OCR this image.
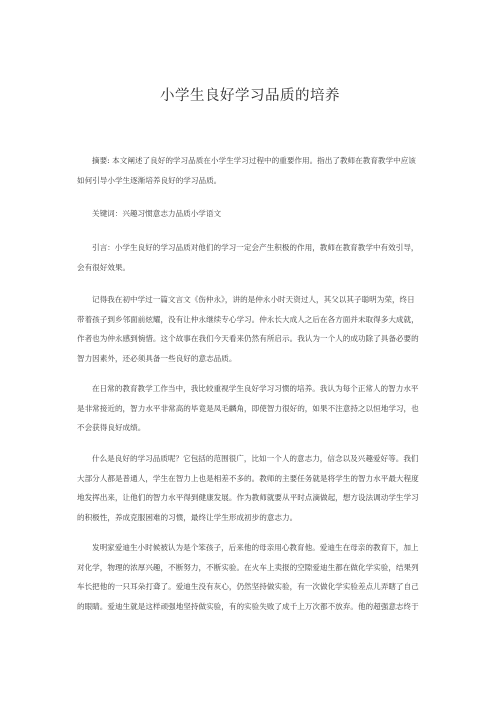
小学生良好学习品质的培养
摘要: 本文阐述了良好的学习品质在小学生学习过程中的重要作用。指出了教师在教育教学中应该
如何引导小学生逐渐培养良好的学习品质。
关键词：兴趣习惯意志力品质小学语文
引言：小学生良好的学习品质对他们的学习一定会产生积极的作用，教师在教育教学中有效引导，
会有很好效果。
记得我在初中学过一篇文言文《伤仲永》，讲的是仲永小时天资过人，其父以其子聪明为荣，终日
带着孩子到乡邻面前炫耀，没有让仲永继续专心学习。仲永长大成人之后在各方面并未取得多大成就，
作者也为仲永感到惋惜。这个故事在我们今天看来仍然有所启示。我认为一个人的成功除了具备必要的
智力因素外，还必须具备一些良好的意志品质。
在日常的教育教学工作当中，我比较重视学生良好学习习惯的培养。我认为每个正常人的智力水平
是非常接近的，智力水平非常高的毕竟是凤毛麟角，即使智力很好的，如果不注意持之以恒地学习，也
不会获得良好成绩。
什么是良好的学习品质呢？它包括的范围很广，比如一个人的意志力，信念以及兴趣爱好等。我们
大部分人都是普通人，学生在智力上也是相差不多的。教师的主要任务就是将学生的智力水平最大程度
地发挥出来，让他们的智力水平得到健康发展。作为教师就要从平时点滴做起，想方设法调动学生学习
的积极性，养成克服困难的习惯，最终让学生形成初步的意志力。
发明家爱迪生小时候被认为是个笨孩子，后来他的母亲用心教育他。爱迪生在母亲的教育下，加上
对化学，物理的浓厚兴趣，不断努力，不断实验。在火车上卖报的空隙爱迪生都在做化学实验，结果列
车长把他的一只耳朵打聋了。爱迪生没有灰心，仍然坚持做实验，有一次做化学实验差点儿弄瞎了自己
的眼睛。爱迪生就是这样顽强地坚持做实验，有的实验失败了成千上万次都不放弃。他的超强意志终于
